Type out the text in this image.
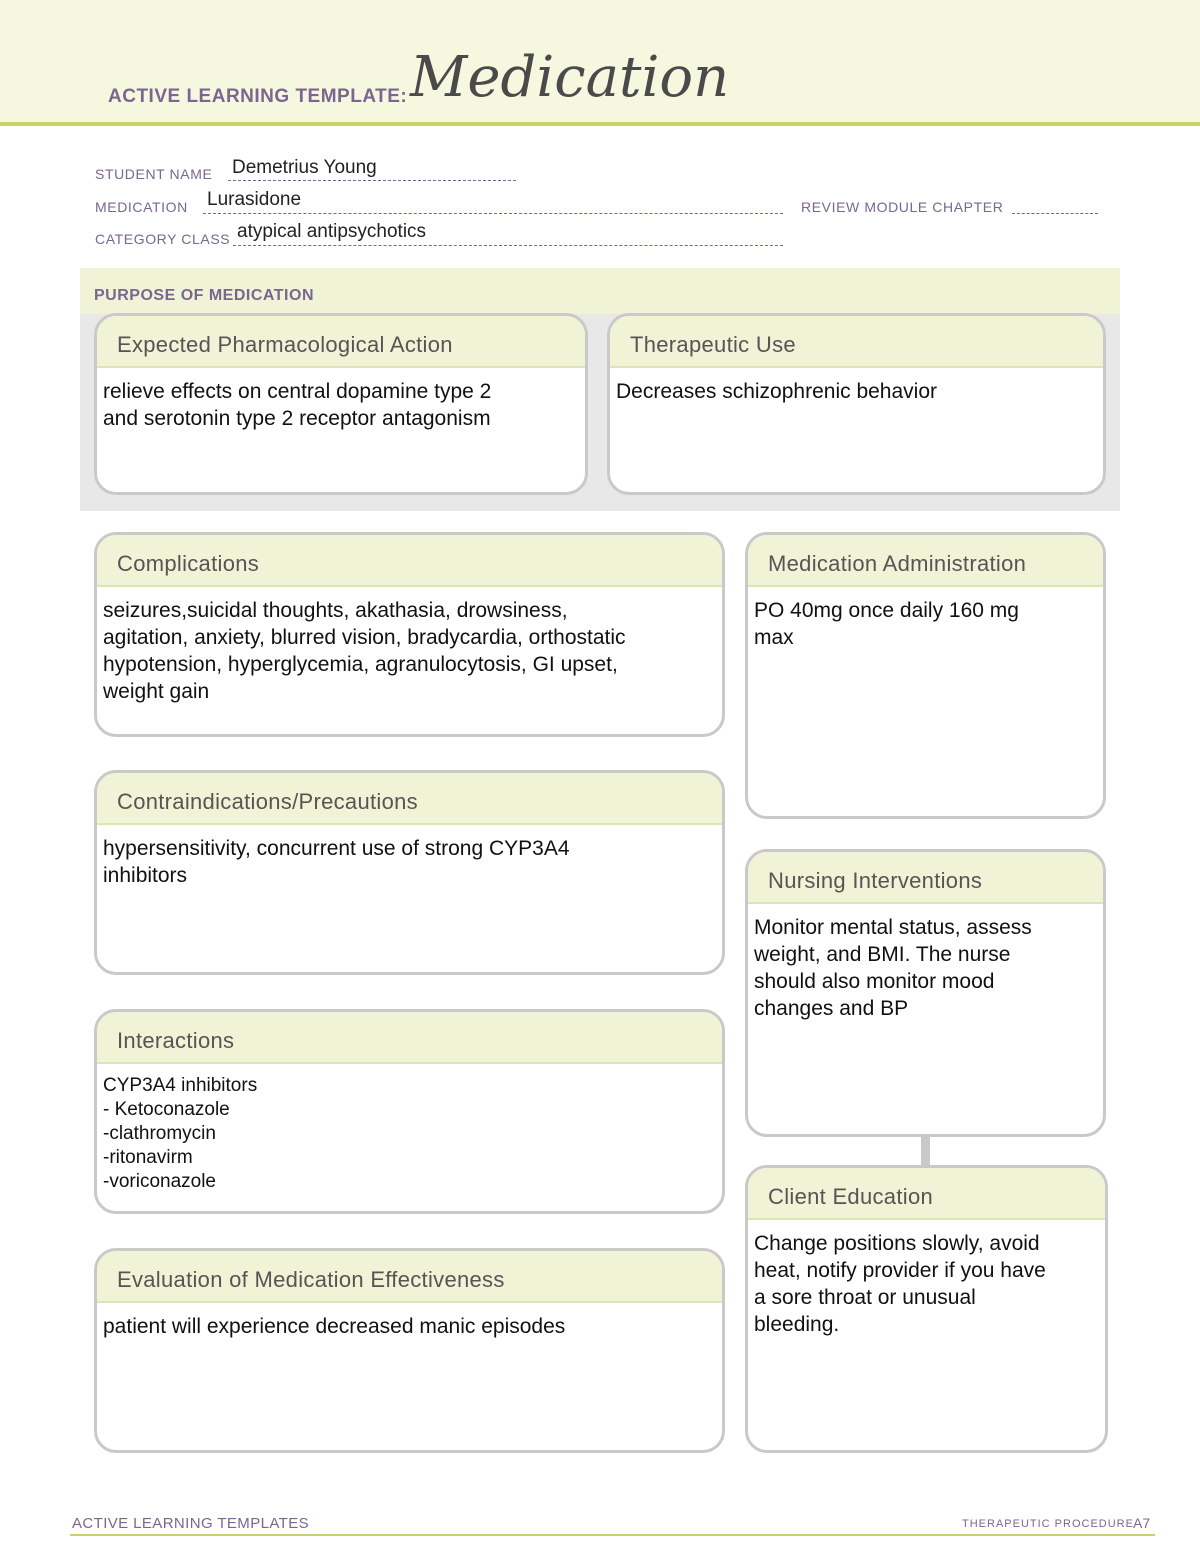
ACTIVE LEARNING TEMPLATE: Medication
STUDENT NAME Demetrius Young
MEDICATION Lurasidone	REVIEW MODULE CHAPTER
CATEGORY CLASS atypical antipsychotics
PURPOSE OF MEDICATION
Expected Pharmacological Action
relieve effects on central dopamine type 2
and serotonin type 2 receptor antagonism
Therapeutic Use
Decreases schizophrenic behavior
Complications
seizures,suicidal thoughts, akathasia, drowsiness,
agitation, anxiety, blurred vision, bradycardia, orthostatic
hypotension, hyperglycemia, agranulocytosis, GI upset,
weight gain
Contraindications/Precautions
hypersensitivity, concurrent use of strong CYP3A4
inhibitors
Interactions
CYP3A4 inhibitors
- Ketoconazole
-clathromycin
-ritonavirm
-voriconazole
Evaluation of Medication Effectiveness
patient will experience decreased manic episodes
Medication Administration
PO 40mg once daily 160 mg
max
Nursing Interventions
Monitor mental status, assess
weight, and BMI. The nurse
should also monitor mood
changes and BP
Client Education
Change positions slowly, avoid
heat, notify provider if you have
a sore throat or unusual
bleeding.
ACTIVE LEARNING TEMPLATES	THERAPEUTIC PROCEDURE A7
